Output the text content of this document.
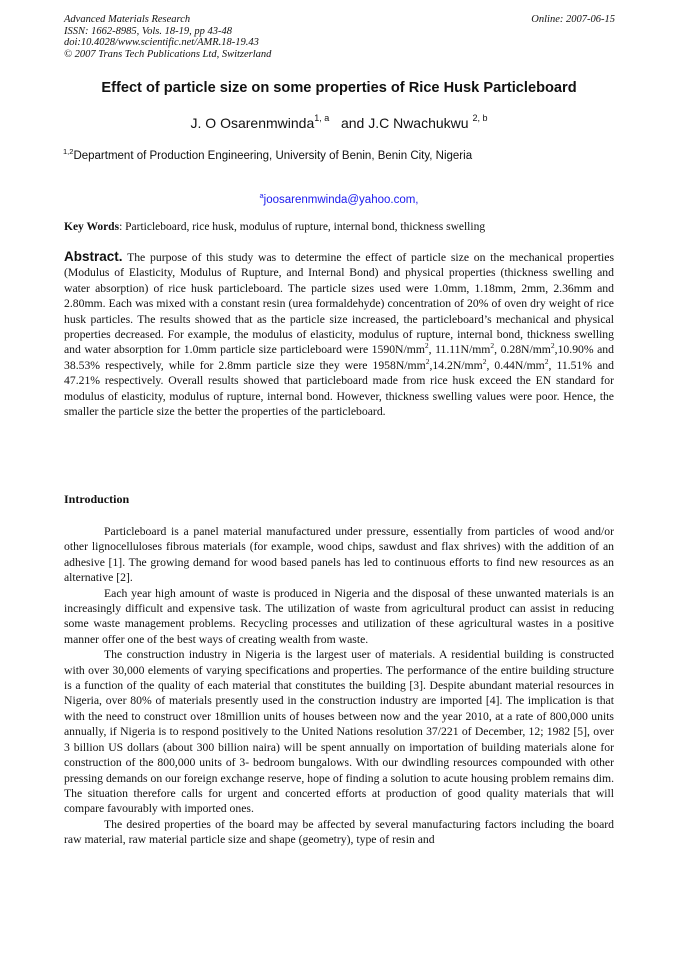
Advanced Materials Research
ISSN: 1662-8985, Vols. 18-19, pp 43-48
doi:10.4028/www.scientific.net/AMR.18-19.43
© 2007 Trans Tech Publications Ltd, Switzerland
Online: 2007-06-15
Effect of particle size on some properties of Rice Husk Particleboard
J. O Osarenmwinda$^{1, a}$ and J.C Nwachukwu $^{2, b}$
$^{1,2}$Department of Production Engineering, University of Benin, Benin City, Nigeria
$^a$joosarenmwinda@yahoo.com,
Key Words: Particleboard, rice husk, modulus of rupture, internal bond, thickness swelling
Abstract. The purpose of this study was to determine the effect of particle size on the mechanical properties (Modulus of Elasticity, Modulus of Rupture, and Internal Bond) and physical properties (thickness swelling and water absorption) of rice husk particleboard. The particle sizes used were 1.0mm, 1.18mm, 2mm, 2.36mm and 2.80mm. Each was mixed with a constant resin (urea formaldehyde) concentration of 20% of oven dry weight of rice husk particles. The results showed that as the particle size increased, the particleboard’s mechanical and physical properties decreased. For example, the modulus of elasticity, modulus of rupture, internal bond, thickness swelling and water absorption for 1.0mm particle size particleboard were $1590N/mm^2$, $11.11N/mm^2$, $0.28N/mm^2,10.90\%$ and 38.53% respectively, while for 2.8mm particle size they were $1958N/mm^2,14.2N/mm^2$, $0.44N/mm^2$, 11.51% and 47.21% respectively. Overall results showed that particleboard made from rice husk exceed the EN standard for modulus of elasticity, modulus of rupture, internal bond. However, thickness swelling values were poor. Hence, the smaller the particle size the better the properties of the particleboard.
Introduction

Particleboard is a panel material manufactured under pressure, essentially from particles of wood and/or other lignocelluloses fibrous materials (for example, wood chips, sawdust and flax shrives) with the addition of an adhesive [1]. The growing demand for wood based panels has led to continuous efforts to find new resources as an alternative [2].

Each year high amount of waste is produced in Nigeria and the disposal of these unwanted materials is an increasingly difficult and expensive task. The utilization of waste from agricultural product can assist in reducing some waste management problems. Recycling processes and utilization of these agricultural wastes in a positive manner offer one of the best ways of creating wealth from waste.

The construction industry in Nigeria is the largest user of materials. A residential building is constructed with over 30,000 elements of varying specifications and properties. The performance of the entire building structure is a function of the quality of each material that constitutes the building [3]. Despite abundant material resources in Nigeria, over 80% of materials presently used in the construction industry are imported [4]. The implication is that with the need to construct over 18million units of houses between now and the year 2010, at a rate of 800,000 units annually, if Nigeria is to respond positively to the United Nations resolution 37/221 of December, 12; 1982 [5], over 3 billion US dollars (about 300 billion naira) will be spent annually on importation of building materials alone for construction of the 800,000 units of 3- bedroom bungalows. With our dwindling resources compounded with other pressing demands on our foreign exchange reserve, hope of finding a solution to acute housing problem remains dim. The situation therefore calls for urgent and concerted efforts at production of good quality materials that will compare favourably with imported ones.

The desired properties of the board may be affected by several manufacturing factors including the board raw material, raw material particle size and shape (geometry), type of resin and
